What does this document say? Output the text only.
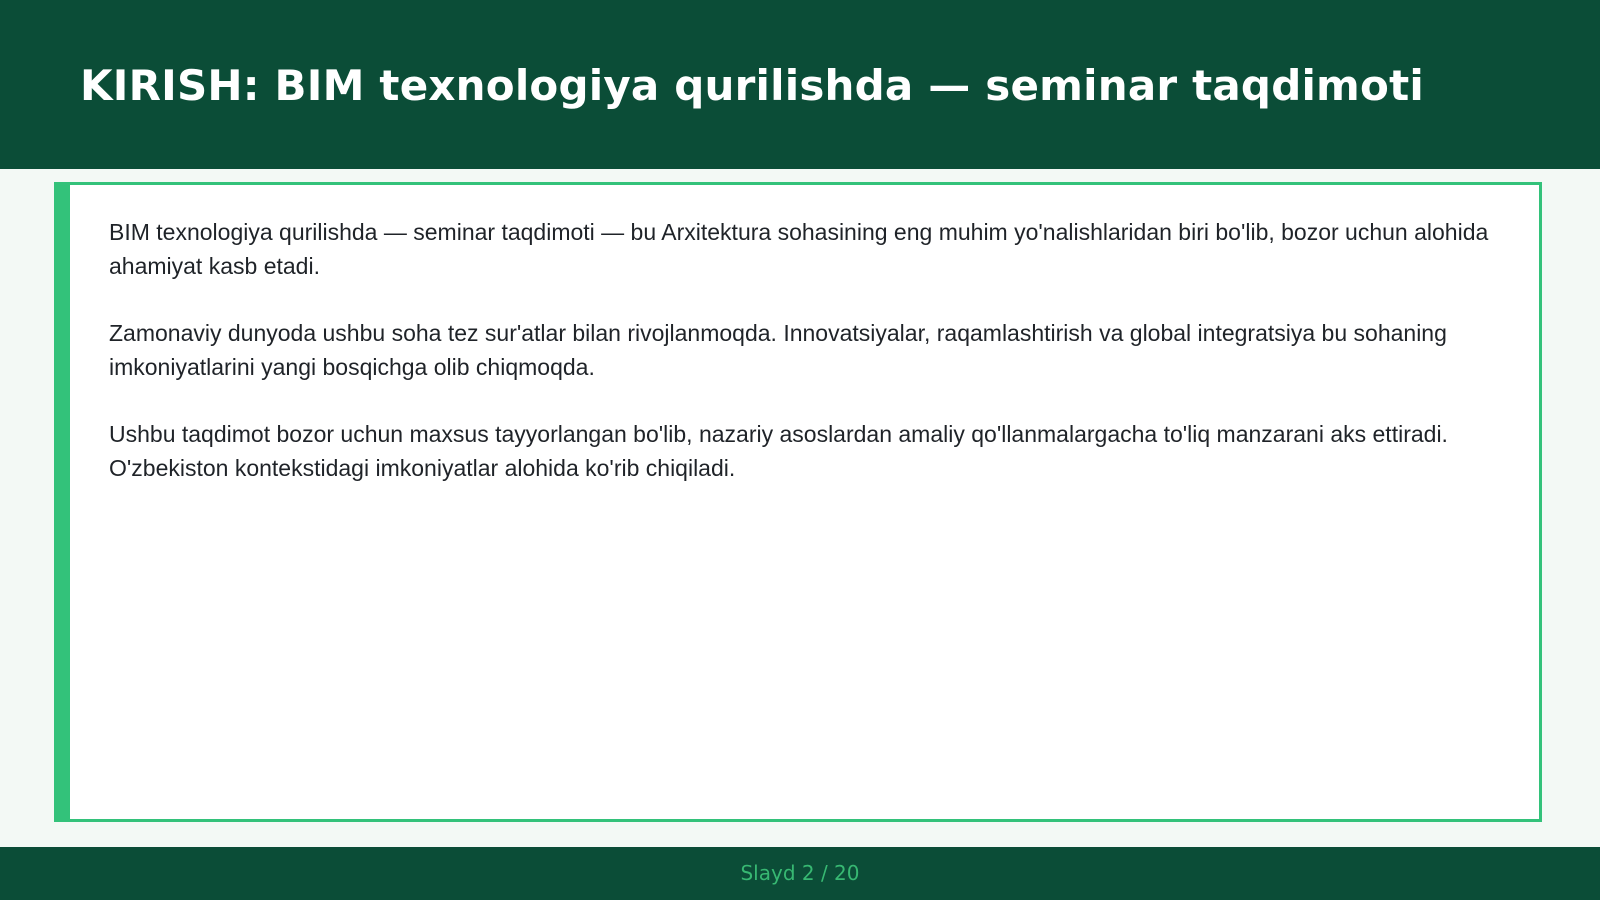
KIRISH: BIM texnologiya qurilishda — seminar taqdimoti

BIM texnologiya qurilishda — seminar taqdimoti — bu Arxitektura sohasining eng muhim yo'nalishlaridan biri bo'lib, bozor uchun alohida ahamiyat kasb etadi.

Zamonaviy dunyoda ushbu soha tez sur'atlar bilan rivojlanmoqda. Innovatsiyalar, raqamlashtirish va global integratsiya bu sohaning imkoniyatlarini yangi bosqichga olib chiqmoqda.

Ushbu taqdimot bozor uchun maxsus tayyorlangan bo'lib, nazariy asoslardan amaliy qo'llanmalargacha to'liq manzarani aks ettiradi. O'zbekiston kontekstidagi imkoniyatlar alohida ko'rib chiqiladi.

Slayd 2 / 20
